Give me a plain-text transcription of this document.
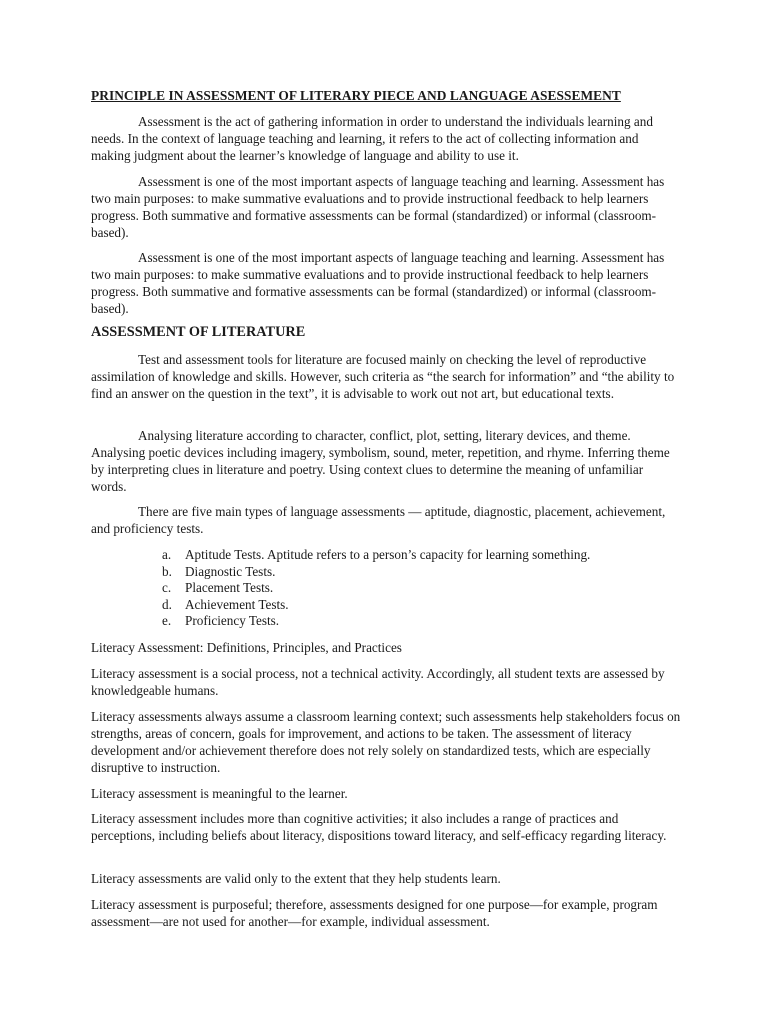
PRINCIPLE IN ASSESSMENT OF LITERARY PIECE AND LANGUAGE ASESSEMENT

Assessment is the act of gathering information in order to understand the individuals learning and needs. In the context of language teaching and learning, it refers to the act of collecting information and making judgment about the learner’s knowledge of language and ability to use it.

Assessment is one of the most important aspects of language teaching and learning. Assessment has two main purposes: to make summative evaluations and to provide instructional feedback to help learners progress. Both summative and formative assessments can be formal (standardized) or informal (classroom-based).

Assessment is one of the most important aspects of language teaching and learning. Assessment has two main purposes: to make summative evaluations and to provide instructional feedback to help learners progress. Both summative and formative assessments can be formal (standardized) or informal (classroom-based).

ASSESSMENT OF LITERATURE

Test and assessment tools for literature are focused mainly on checking the level of reproductive assimilation of knowledge and skills. However, such criteria as “the search for information” and “the ability to find an answer on the question in the text”, it is advisable to work out not art, but educational texts.

Analysing literature according to character, conflict, plot, setting, literary devices, and theme. Analysing poetic devices including imagery, symbolism, sound, meter, repetition, and rhyme. Inferring theme by interpreting clues in literature and poetry. Using context clues to determine the meaning of unfamiliar words.

There are five main types of language assessments — aptitude, diagnostic, placement, achievement, and proficiency tests.

a. Aptitude Tests. Aptitude refers to a person’s capacity for learning something.
b. Diagnostic Tests.
c. Placement Tests.
d. Achievement Tests.
e. Proficiency Tests.

Literacy Assessment: Definitions, Principles, and Practices

Literacy assessment is a social process, not a technical activity. Accordingly, all student texts are assessed by knowledgeable humans.

Literacy assessments always assume a classroom learning context; such assessments help stakeholders focus on strengths, areas of concern, goals for improvement, and actions to be taken. The assessment of literacy development and/or achievement therefore does not rely solely on standardized tests, which are especially disruptive to instruction.

Literacy assessment is meaningful to the learner.

Literacy assessment includes more than cognitive activities; it also includes a range of practices and perceptions, including beliefs about literacy, dispositions toward literacy, and self-efficacy regarding literacy.

Literacy assessments are valid only to the extent that they help students learn.

Literacy assessment is purposeful; therefore, assessments designed for one purpose—for example, program assessment—are not used for another—for example, individual assessment.
